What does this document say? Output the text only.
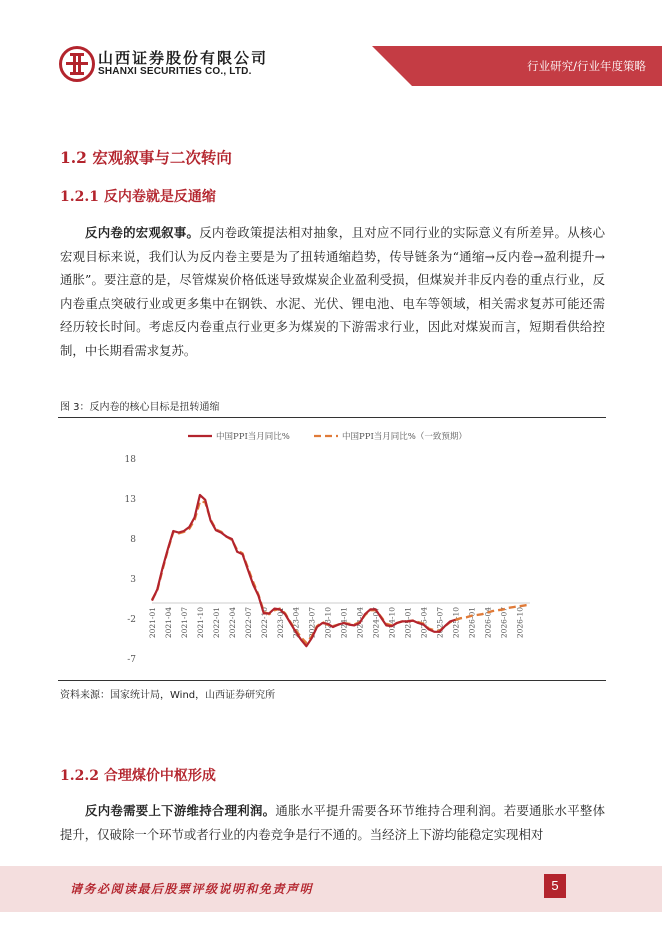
山西证券股份有限公司
SHANXI SECURITIES CO., LTD.	行业研究/行业年度策略
1.2 宏观叙事与二次转向
1.2.1 反内卷就是反通缩

反内卷的宏观叙事。反内卷政策提法相对抽象，且对应不同行业的实际意义有所差异。从核心宏观目标来说，我们认为反内卷主要是为了扭转通缩趋势，传导链条为“通缩→反内卷→盈利提升→通胀”。要注意的是，尽管煤炭价格低迷导致煤炭企业盈利受损，但煤炭并非反内卷的重点行业，反内卷重点突破行业或更多集中在钢铁、水泥、光伏、锂电池、电车等领域，相关需求复苏可能还需经历较长时间。考虑反内卷重点行业更多为煤炭的下游需求行业，因此对煤炭而言，短期看供给控制，中长期看需求复苏。

图 3：反内卷的核心目标是扭转通缩
18
13
8
3
-2
-7
2021-01 2021-04 2021-07 2021-10 2022-01 2022-04 2022-07 2022-10 2023-01 2023-04 2023-07 2023-10 2024-01 2024-04 2024-07 2024-10 2025-01 2025-04 2025-07 2025-10 2026-01 2026-04 2026-07 2026-10
中国PPI当月同比%	中国PPI当月同比%（一致预期）
资料来源：国家统计局，Wind，山西证券研究所
1.2.2 合理煤价中枢形成

反内卷需要上下游维持合理利润。通胀水平提升需要各环节维持合理利润。若要通胀水平整体提升，仅破除一个环节或者行业的内卷竞争是行不通的。当经济上下游均能稳定实现相对

请务必阅读最后股票评级说明和免责声明	5
